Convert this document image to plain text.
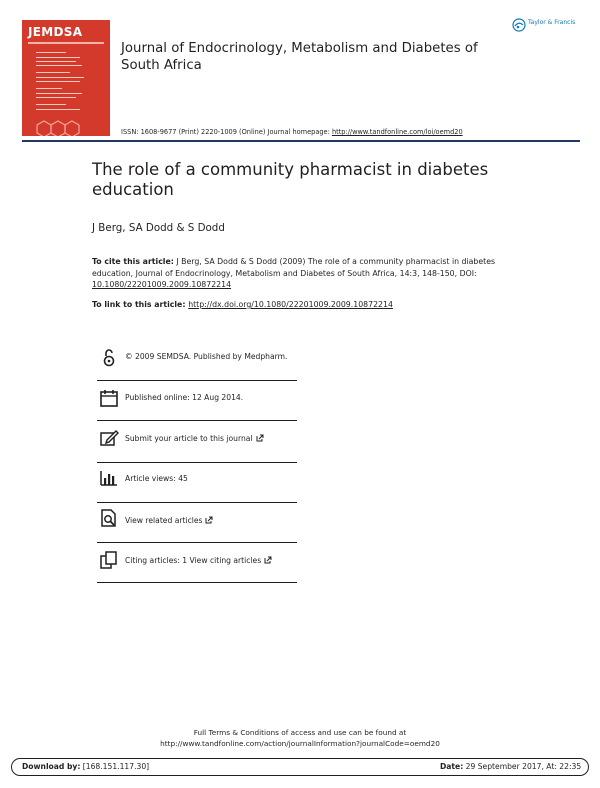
JEMDSA
Journal of Endocrinology, Metabolism and Diabetes of South Africa
Taylor & Francis
ISSN: 1608-9677 (Print) 2220-1009 (Online) Journal homepage: http://www.tandfonline.com/loi/oemd20
The role of a community pharmacist in diabetes education
J Berg, SA Dodd & S Dodd
To cite this article: J Berg, SA Dodd & S Dodd (2009) The role of a community pharmacist in diabetes education, Journal of Endocrinology, Metabolism and Diabetes of South Africa, 14:3, 148-150, DOI: 10.1080/22201009.2009.10872214
To link to this article: http://dx.doi.org/10.1080/22201009.2009.10872214
© 2009 SEMDSA. Published by Medpharm.
Published online: 12 Aug 2014.
Submit your article to this journal
Article views: 45
View related articles
Citing articles: 1 View citing articles
Full Terms & Conditions of access and use can be found at
http://www.tandfonline.com/action/journalInformation?journalCode=oemd20
Download by: [168.151.117.30]	Date: 29 September 2017, At: 22:35
